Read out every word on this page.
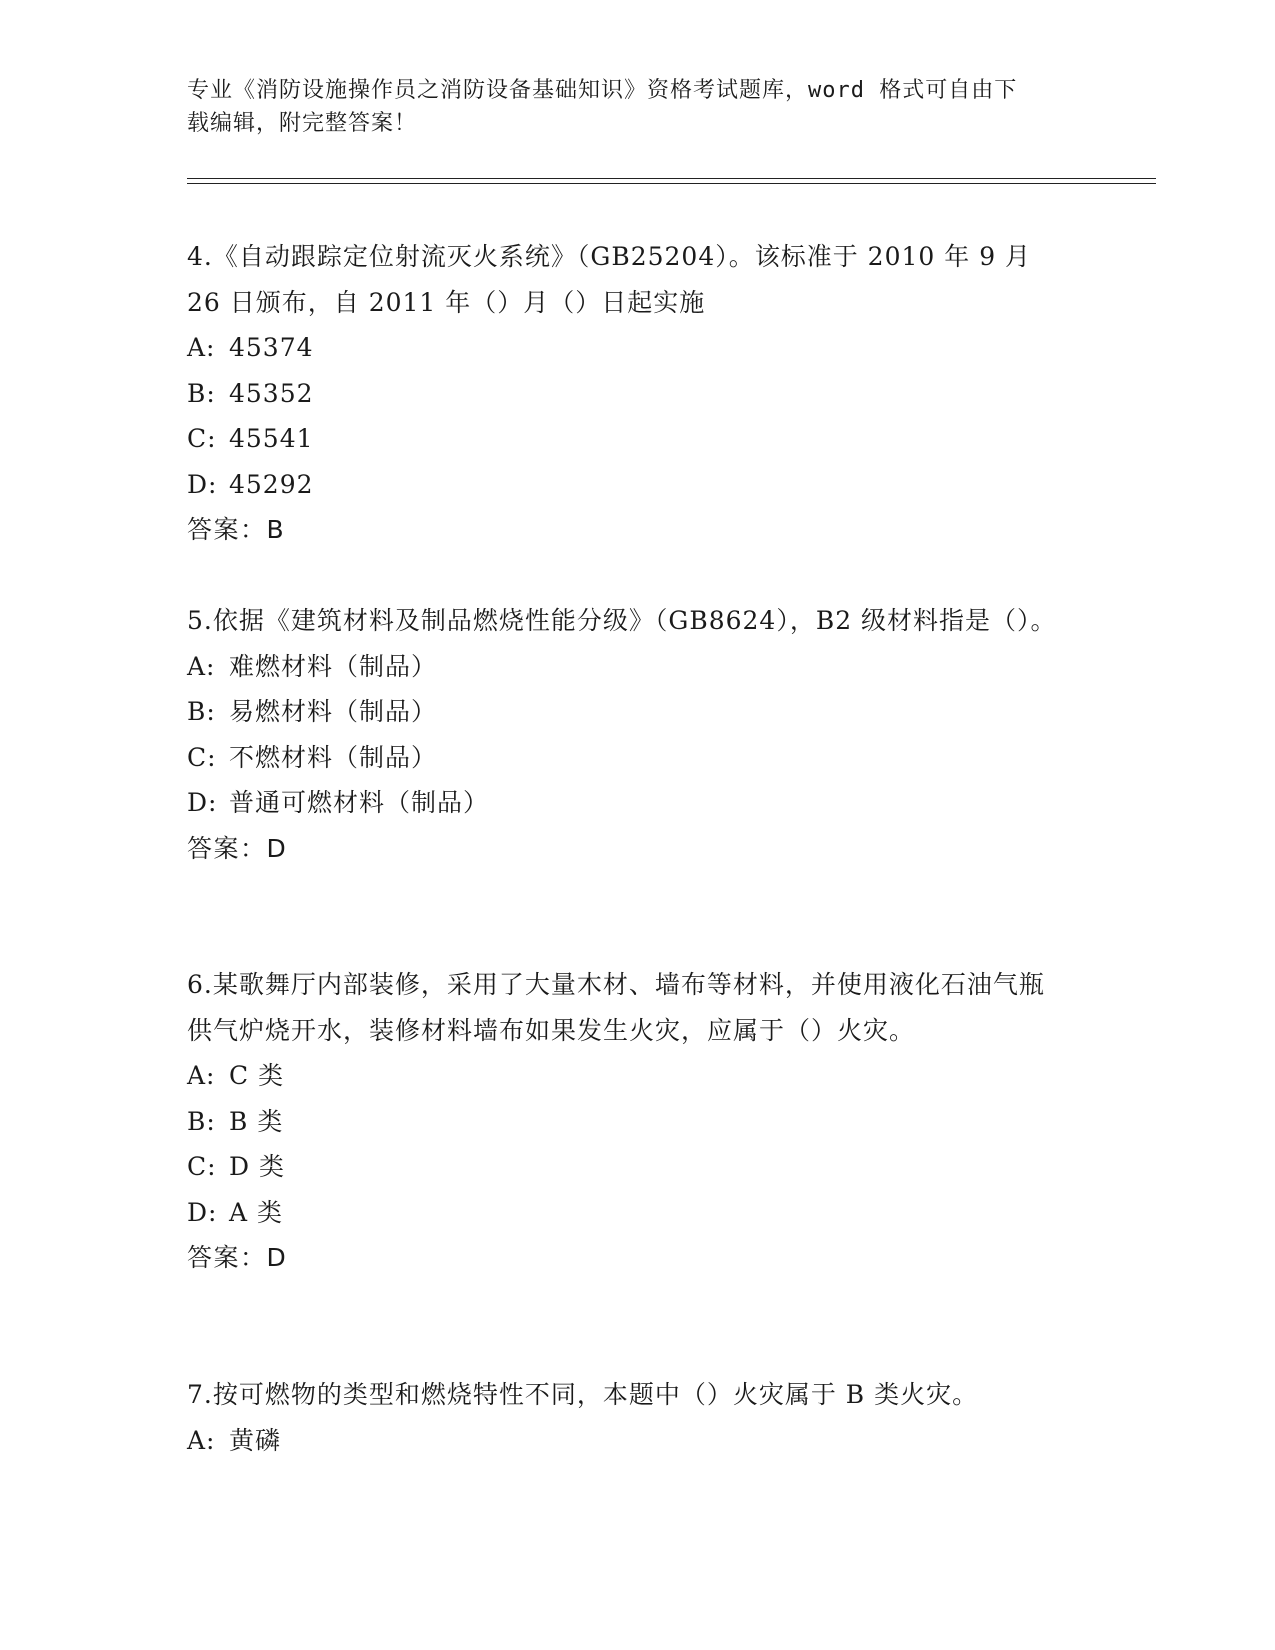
专业《消防设施操作员之消防设备基础知识》资格考试题库，word 格式可自由下
载编辑，附完整答案！

4.《自动跟踪定位射流灭火系统》（GB25204）。该标准于 2010 年 9 月 26 日颁布，自 2011 年（）月（）日起实施

A: 45374
B: 45352
C: 45541
D: 45292

答案：B

5.依据《建筑材料及制品燃烧性能分级》（GB8624），B2 级材料指是（）。

A: 难燃材料（制品）
B: 易燃材料（制品）
C: 不燃材料（制品）
D: 普通可燃材料（制品）

答案：D

6.某歌舞厅内部装修，采用了大量木材、墙布等材料，并使用液化石油气瓶供气炉烧开水，装修材料墙布如果发生火灾，应属于（）火灾。

A: C 类
B: B 类
C: D 类
D: A 类

答案：D

7.按可燃物的类型和燃烧特性不同，本题中（）火灾属于 B 类火灾。

A: 黄磷
